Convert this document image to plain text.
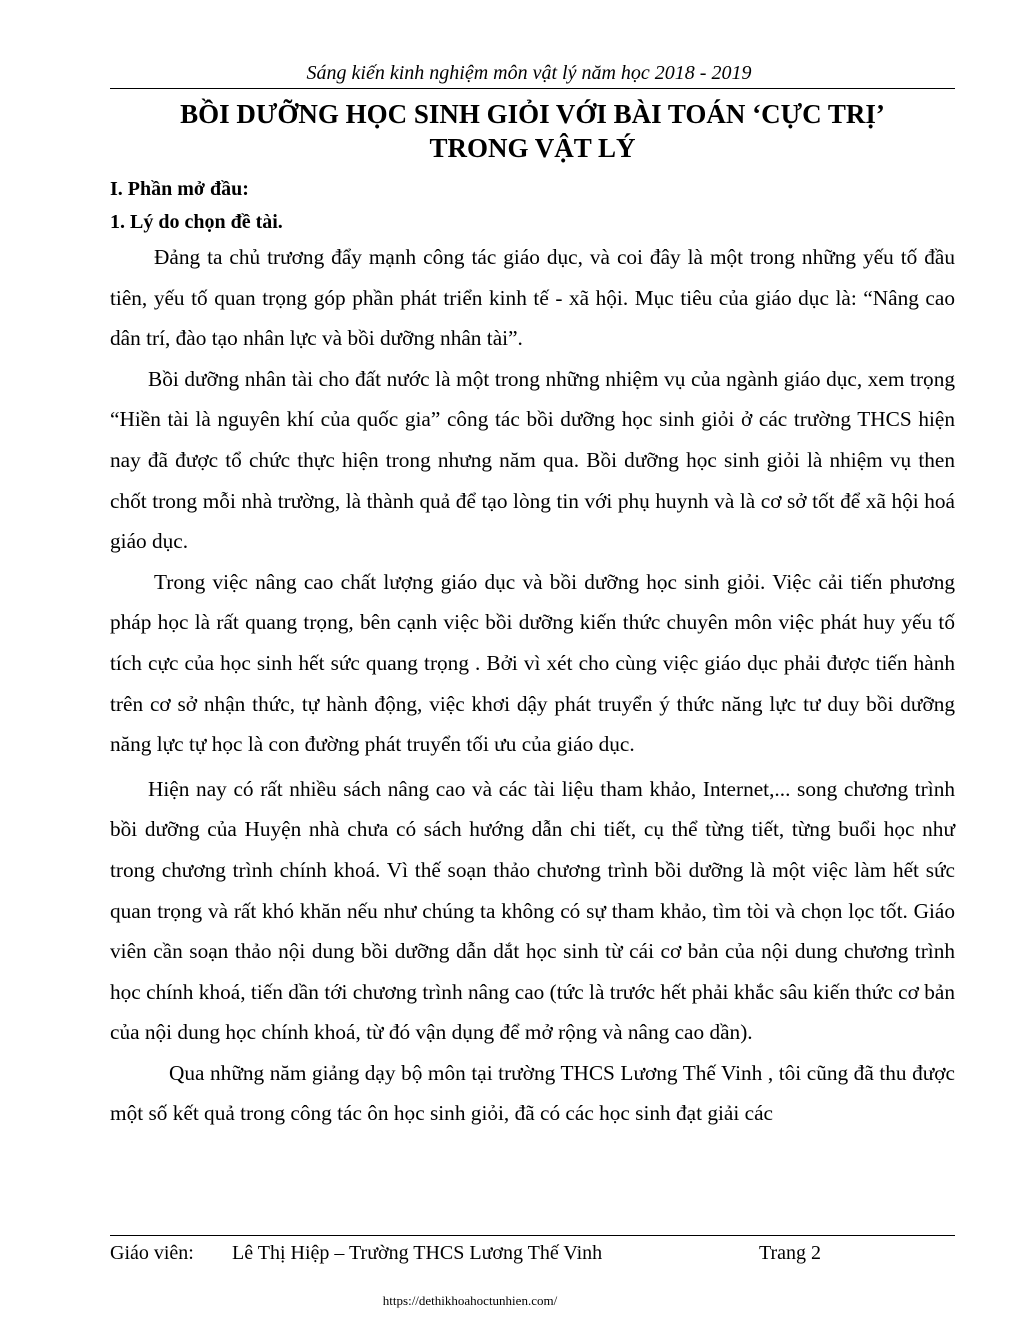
Sáng kiến kinh nghiệm môn vật lý năm học 2018 - 2019
BỒI DƯỠNG HỌC SINH GIỎI VỚI BÀI TOÁN ‘CỰC TRỊ’
TRONG VẬT LÝ
I. Phần mở đầu:
1. Lý do chọn đề tài.

Đảng ta chủ trương đẩy mạnh công tác giáo dục, và coi đây là một trong những yếu tố đầu tiên, yếu tố quan trọng góp phần phát triển kinh tế - xã hội. Mục tiêu của giáo dục là: “Nâng cao dân trí, đào tạo nhân lực và bồi dưỡng nhân tài”.

Bồi dưỡng nhân tài cho đất nước là một trong những nhiệm vụ của ngành giáo dục, xem trọng “Hiền tài là nguyên khí của quốc gia” công tác bồi dưỡng học sinh giỏi ở các trường THCS hiện nay đã được tổ chức thực hiện trong nhưng năm qua. Bồi dưỡng học sinh giỏi là nhiệm vụ then chốt trong mỗi nhà trường, là thành quả để tạo lòng tin với phụ huynh và là cơ sở tốt để xã hội hoá giáo dục.

Trong việc nâng cao chất lượng giáo dục và bồi dưỡng học sinh giỏi. Việc cải tiến phương pháp học là rất quang trọng, bên cạnh việc bồi dưỡng kiến thức chuyên môn việc phát huy yếu tố tích cực của học sinh hết sức quang trọng . Bởi vì xét cho cùng việc giáo dục phải được tiến hành trên cơ sở nhận thức, tự hành động, việc khơi dậy phát truyển ý thức năng lực tư duy bồi dưỡng năng lực tự học là con đường phát truyển tối ưu của giáo dục.

Hiện nay có rất nhiều sách nâng cao và các tài liệu tham khảo, Internet,... song chương trình bồi dưỡng của Huyện nhà chưa có sách hướng dẫn chi tiết, cụ thể từng tiết, từng buổi học như trong chương trình chính khoá. Vì thế soạn thảo chương trình bồi dưỡng là một việc làm hết sức quan trọng và rất khó khăn nếu như chúng ta không có sự tham khảo, tìm tòi và chọn lọc tốt. Giáo viên cần soạn thảo nội dung bồi dưỡng dẫn dắt học sinh từ cái cơ bản của nội dung chương trình học chính khoá, tiến dần tới chương trình nâng cao (tức là trước hết phải khắc sâu kiến thức cơ bản của nội dung học chính khoá, từ đó vận dụng để mở rộng và nâng cao dần).

Qua những năm giảng dạy bộ môn tại trường THCS Lương Thế Vinh , tôi cũng đã thu được một số kết quả trong công tác ôn học sinh giỏi, đã có các học sinh đạt giải các

Giáo viên: Lê Thị Hiệp – Trường THCS Lương Thế Vinh	Trang 2
https://dethikhoahoctunhien.com/
